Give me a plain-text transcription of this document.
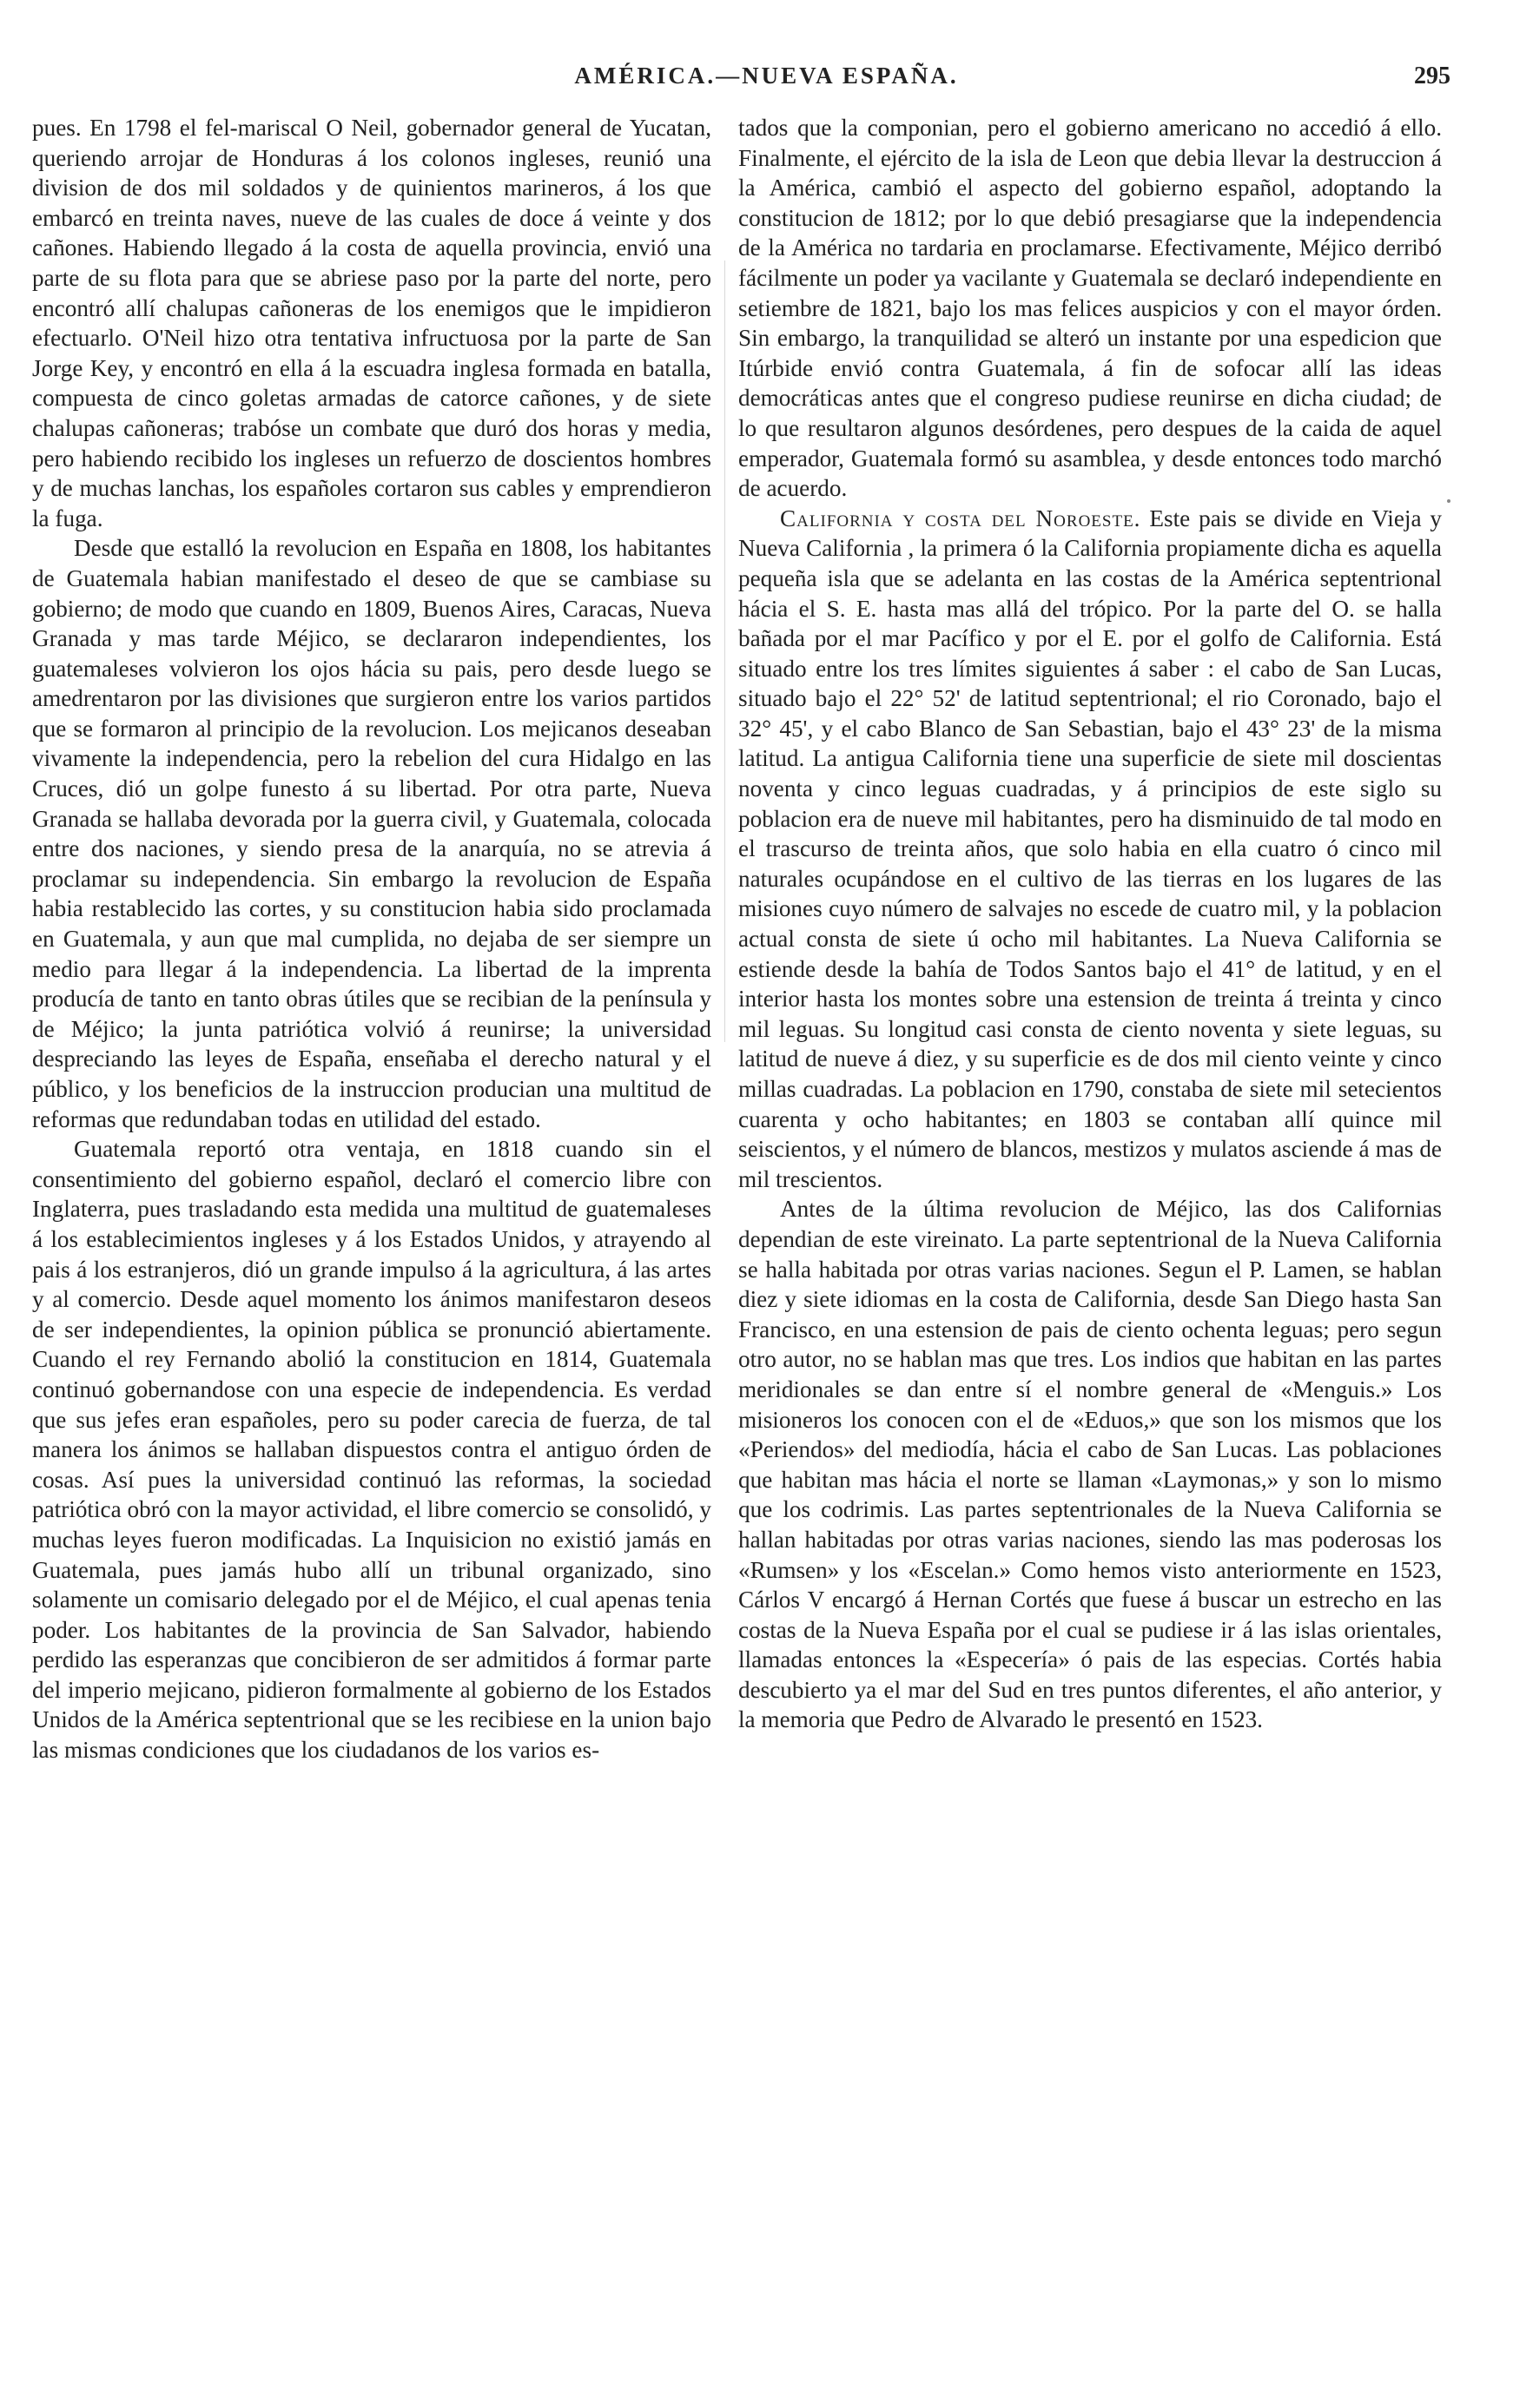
AMÉRICA.—NUEVA ESPAÑA.	295

pues. En 1798 el fel-mariscal O Neil, gobernador general de Yucatan, queriendo arrojar de Honduras á los colonos ingleses, reunió una division de dos mil soldados y de quinientos marineros, á los que embarcó en treinta naves, nueve de las cuales de doce á veinte y dos cañones. Habiendo llegado á la costa de aquella provincia, envió una parte de su flota para que se abriese paso por la parte del norte, pero encontró allí chalupas cañoneras de los enemigos que le impidieron efectuarlo. O'Neil hizo otra tentativa infructuosa por la parte de San Jorge Key, y encontró en ella á la escuadra inglesa formada en batalla, compuesta de cinco goletas armadas de catorce cañones, y de siete chalupas cañoneras; trabóse un combate que duró dos horas y media, pero habiendo recibido los ingleses un refuerzo de doscientos hombres y de muchas lanchas, los españoles cortaron sus cables y emprendieron la fuga.

Desde que estalló la revolucion en España en 1808, los habitantes de Guatemala habian manifestado el deseo de que se cambiase su gobierno; de modo que cuando en 1809, Buenos Aires, Caracas, Nueva Granada y mas tarde Méjico, se declararon independientes, los guatemaleses volvieron los ojos hácia su pais, pero desde luego se amedrentaron por las divisiones que surgieron entre los varios partidos que se formaron al principio de la revolucion. Los mejicanos deseaban vivamente la independencia, pero la rebelion del cura Hidalgo en las Cruces, dió un golpe funesto á su libertad. Por otra parte, Nueva Granada se hallaba devorada por la guerra civil, y Guatemala, colocada entre dos naciones, y siendo presa de la anarquía, no se atrevia á proclamar su independencia. Sin embargo la revolucion de España habia restablecido las cortes, y su constitucion habia sido proclamada en Guatemala, y aun que mal cumplida, no dejaba de ser siempre un medio para llegar á la independencia. La libertad de la imprenta producía de tanto en tanto obras útiles que se recibian de la península y de Méjico; la junta patriótica volvió á reunirse; la universidad despreciando las leyes de España, enseñaba el derecho natural y el público, y los beneficios de la instruccion producian una multitud de reformas que redundaban todas en utilidad del estado.

Guatemala reportó otra ventaja, en 1818 cuando sin el consentimiento del gobierno español, declaró el comercio libre con Inglaterra, pues trasladando esta medida una multitud de guatemaleses á los establecimientos ingleses y á los Estados Unidos, y atrayendo al pais á los estranjeros, dió un grande impulso á la agricultura, á las artes y al comercio. Desde aquel momento los ánimos manifestaron deseos de ser independientes, la opinion pública se pronunció abiertamente. Cuando el rey Fernando abolió la constitucion en 1814, Guatemala continuó gobernandose con una especie de independencia. Es verdad que sus jefes eran españoles, pero su poder carecia de fuerza, de tal manera los ánimos se hallaban dispuestos contra el antiguo órden de cosas. Así pues la universidad continuó las reformas, la sociedad patriótica obró con la mayor actividad, el libre comercio se consolidó, y muchas leyes fueron modificadas. La Inquisicion no existió jamás en Guatemala, pues jamás hubo allí un tribunal organizado, sino solamente un comisario delegado por el de Méjico, el cual apenas tenia poder. Los habitantes de la provincia de San Salvador, habiendo perdido las esperanzas que concibieron de ser admitidos á formar parte del imperio mejicano, pidieron formalmente al gobierno de los Estados Unidos de la América septentrional que se les recibiese en la union bajo las mismas condiciones que los ciudadanos de los varios es-

tados que la componian, pero el gobierno americano no accedió á ello. Finalmente, el ejército de la isla de Leon que debia llevar la destruccion á la América, cambió el aspecto del gobierno español, adoptando la constitucion de 1812; por lo que debió presagiarse que la independencia de la América no tardaria en proclamarse. Efectivamente, Méjico derribó fácilmente un poder ya vacilante y Guatemala se declaró independiente en setiembre de 1821, bajo los mas felices auspicios y con el mayor órden. Sin embargo, la tranquilidad se alteró un instante por una espedicion que Itúrbide envió contra Guatemala, á fin de sofocar allí las ideas democráticas antes que el congreso pudiese reunirse en dicha ciudad; de lo que resultaron algunos desórdenes, pero despues de la caida de aquel emperador, Guatemala formó su asamblea, y desde entonces todo marchó de acuerdo.

California y costa del Noroeste. Este pais se divide en Vieja y Nueva California , la primera ó la California propiamente dicha es aquella pequeña isla que se adelanta en las costas de la América septentrional hácia el S. E. hasta mas allá del trópico. Por la parte del O. se halla bañada por el mar Pacífico y por el E. por el golfo de California. Está situado entre los tres límites siguientes á saber : el cabo de San Lucas, situado bajo el 22° 52' de latitud septentrional; el rio Coronado, bajo el 32° 45', y el cabo Blanco de San Sebastian, bajo el 43° 23' de la misma latitud. La antigua California tiene una superficie de siete mil doscientas noventa y cinco leguas cuadradas, y á principios de este siglo su poblacion era de nueve mil habitantes, pero ha disminuido de tal modo en el trascurso de treinta años, que solo habia en ella cuatro ó cinco mil naturales ocupándose en el cultivo de las tierras en los lugares de las misiones cuyo número de salvajes no escede de cuatro mil, y la poblacion actual consta de siete ú ocho mil habitantes. La Nueva California se estiende desde la bahía de Todos Santos bajo el 41° de latitud, y en el interior hasta los montes sobre una estension de treinta á treinta y cinco mil leguas. Su longitud casi consta de ciento noventa y siete leguas, su latitud de nueve á diez, y su superficie es de dos mil ciento veinte y cinco millas cuadradas. La poblacion en 1790, constaba de siete mil setecientos cuarenta y ocho habitantes; en 1803 se contaban allí quince mil seiscientos, y el número de blancos, mestizos y mulatos asciende á mas de mil trescientos.

Antes de la última revolucion de Méjico, las dos Californias dependian de este vireinato. La parte septentrional de la Nueva California se halla habitada por otras varias naciones. Segun el P. Lamen, se hablan diez y siete idiomas en la costa de California, desde San Diego hasta San Francisco, en una estension de pais de ciento ochenta leguas; pero segun otro autor, no se hablan mas que tres. Los indios que habitan en las partes meridionales se dan entre sí el nombre general de «Menguis.» Los misioneros los conocen con el de «Eduos,» que son los mismos que los «Periendos» del mediodía, hácia el cabo de San Lucas. Las poblaciones que habitan mas hácia el norte se llaman «Laymonas,» y son lo mismo que los codrimis. Las partes septentrionales de la Nueva California se hallan habitadas por otras varias naciones, siendo las mas poderosas los «Rumsen» y los «Escelan.» Como hemos visto anteriormente en 1523, Cárlos V encargó á Hernan Cortés que fuese á buscar un estrecho en las costas de la Nueva España por el cual se pudiese ir á las islas orientales, llamadas entonces la «Especería» ó pais de las especias. Cortés habia descubierto ya el mar del Sud en tres puntos diferentes, el año anterior, y la memoria que Pedro de Alvarado le presentó en 1523.
